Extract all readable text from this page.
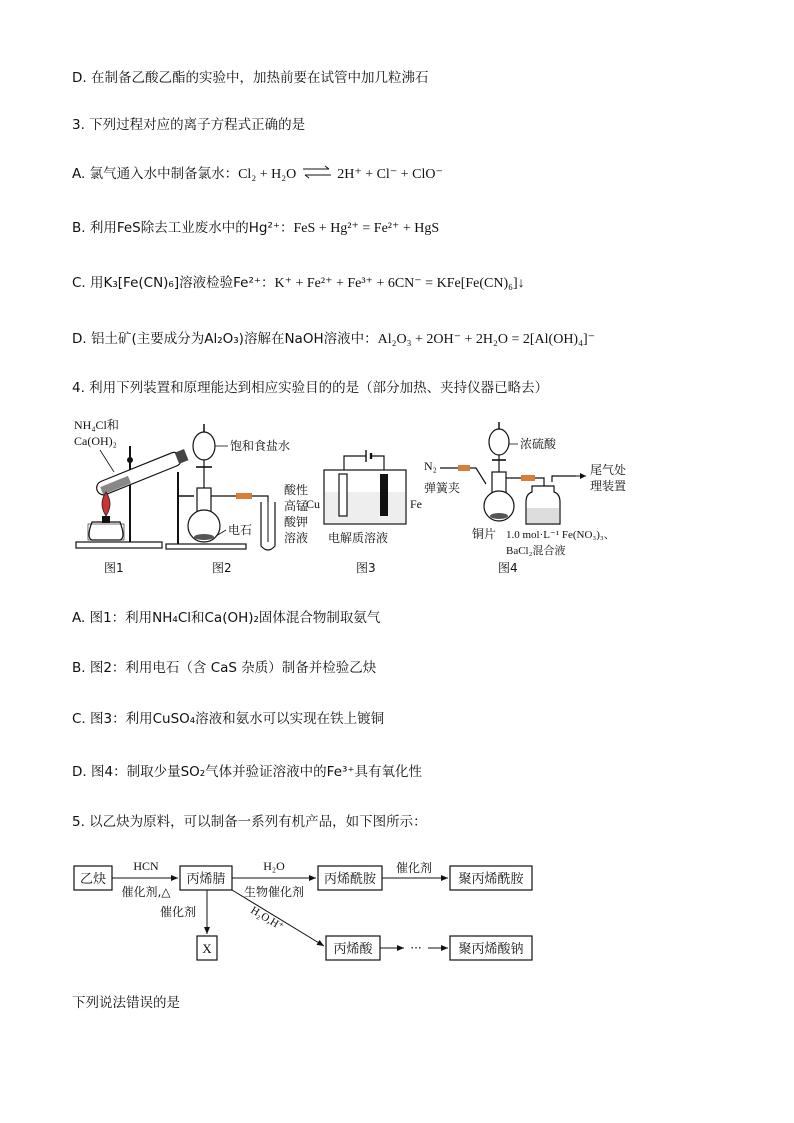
D. 在制备乙酸乙酯的实验中，加热前要在试管中加几粒沸石
3. 下列过程对应的离子方程式正确的是
A. 氯气通入水中制备氯水：Cl₂ + H₂O ⇌ 2H⁺ + Cl⁻ + ClO⁻
B. 利用FeS除去工业废水中的Hg²⁺：FeS + Hg²⁺ = Fe²⁺ + HgS
C. 用K₃[Fe(CN)₆]溶液检验Fe²⁺：K⁺ + Fe²⁺ + Fe³⁺ + 6CN⁻ = KFe[Fe(CN)₆]↓
D. 铝土矿(主要成分为Al₂O₃)溶解在NaOH溶液中：Al₂O₃ + 2OH⁻ + 2H₂O = 2[Al(OH)₄]⁻
4. 利用下列装置和原理能达到相应实验目的的是（部分加热、夹持仪器已略去）
NH₄Cl和
Ca(OH)₂
图1
饱和食盐水
电石
酸性
高锰
酸钾
溶液
图2
Cu	Fe
电解质溶液
图3
N₂
弹簧夹
浓硫酸
铜片
尾气处
理装置
1.0 mol·L⁻¹ Fe(NO₃)₃、
BaCl₂混合液
图4
A. 图1：利用NH₄Cl和Ca(OH)₂固体混合物制取氨气
B. 图2：利用电石（含 CaS 杂质）制备并检验乙炔
C. 图3：利用CuSO₄溶液和氨水可以实现在铁上镀铜
D. 图4：制取少量SO₂气体并验证溶液中的Fe³⁺具有氧化性
5. 以乙炔为原料，可以制备一系列有机产品，如下图所示：
乙炔	丙烯腈	丙烯酰胺	聚丙烯酰胺
X	丙烯酸	聚丙烯酸钠
HCN
催化剂,△
H₂O
生物催化剂
催化剂
催化剂	H₂O,H⁺
···
下列说法错误的是
